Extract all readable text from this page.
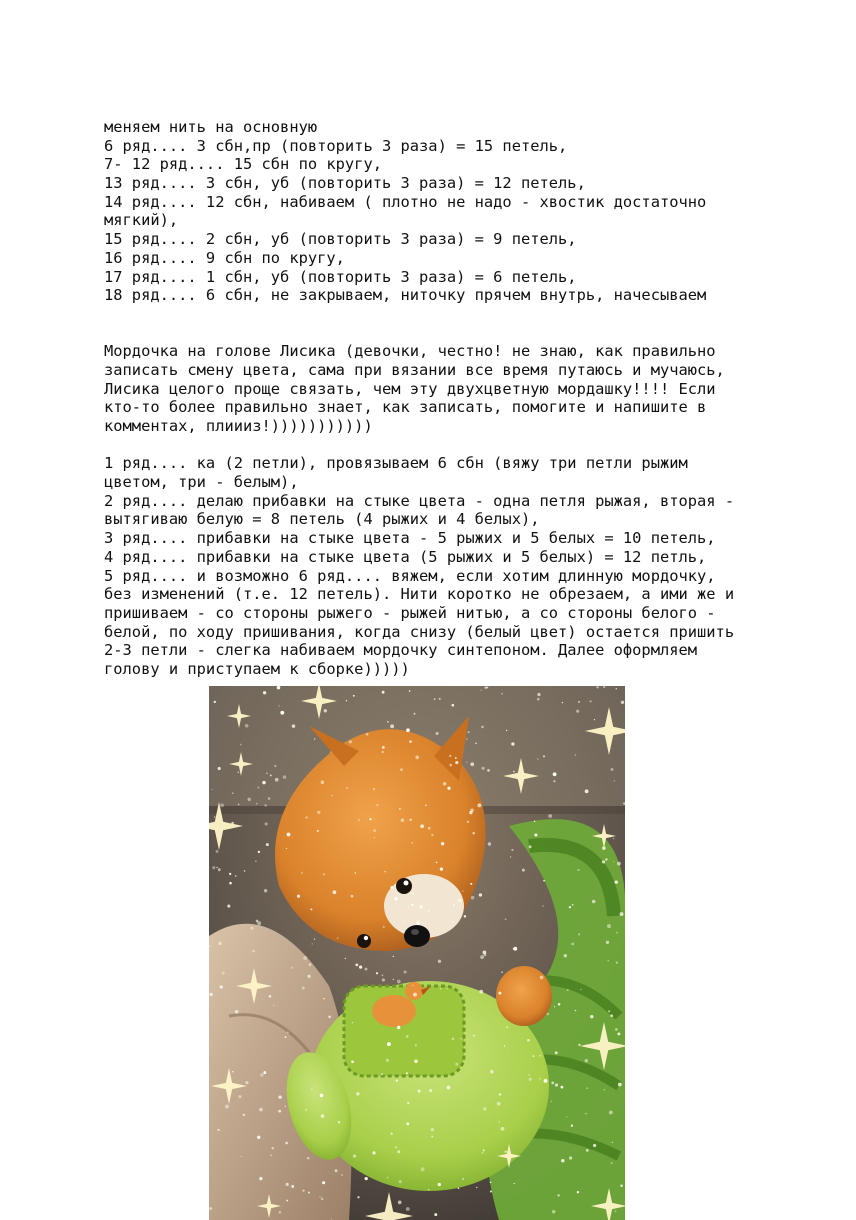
меняем нить на основную
6 ряд.... 3 сбн,пр (повторить 3 раза) = 15 петель,
7- 12 ряд.... 15 сбн по кругу,
13 ряд.... 3 сбн, уб (повторить 3 раза) = 12 петель,
14 ряд.... 12 сбн, набиваем ( плотно не надо - хвостик достаточно
мягкий),
15 ряд.... 2 сбн, уб (повторить 3 раза) = 9 петель,
16 ряд.... 9 сбн по кругу,
17 ряд.... 1 сбн, уб (повторить 3 раза) = 6 петель,
18 ряд.... 6 сбн, не закрываем, ниточку прячем внутрь, начесываем
Мордочка на голове Лисика (девочки, честно! не знаю, как правильно
записать смену цвета, сама при вязании все время путаюсь и мучаюсь,
Лисика целого проще связать, чем эту двухцветную мордашку!!!! Если
кто-то более правильно знает, как записать, помогите и напишите в
комментах, плиииз!)))))))))))
1 ряд.... ка (2 петли), провязываем 6 сбн (вяжу три петли рыжим
цветом, три - белым),
2 ряд.... делаю прибавки на стыке цвета - одна петля рыжая, вторая -
вытягиваю белую = 8 петель (4 рыжих и 4 белых),
3 ряд.... прибавки на стыке цвета - 5 рыжих и 5 белых = 10 петель,
4 ряд.... прибавки на стыке цвета (5 рыжих и 5 белых) = 12 петль,
5 ряд.... и возможно 6 ряд.... вяжем, если хотим длинную мордочку,
без изменений (т.е. 12 петель). Нити коротко не обрезаем, а ими же и
пришиваем - со стороны рыжего - рыжей нитью, а со стороны белого -
белой, по ходу пришивания, когда снизу (белый цвет) остается пришить
2-3 петли - слегка набиваем мордочку синтепоном. Далее оформляем
голову и приступаем к сборке)))))
